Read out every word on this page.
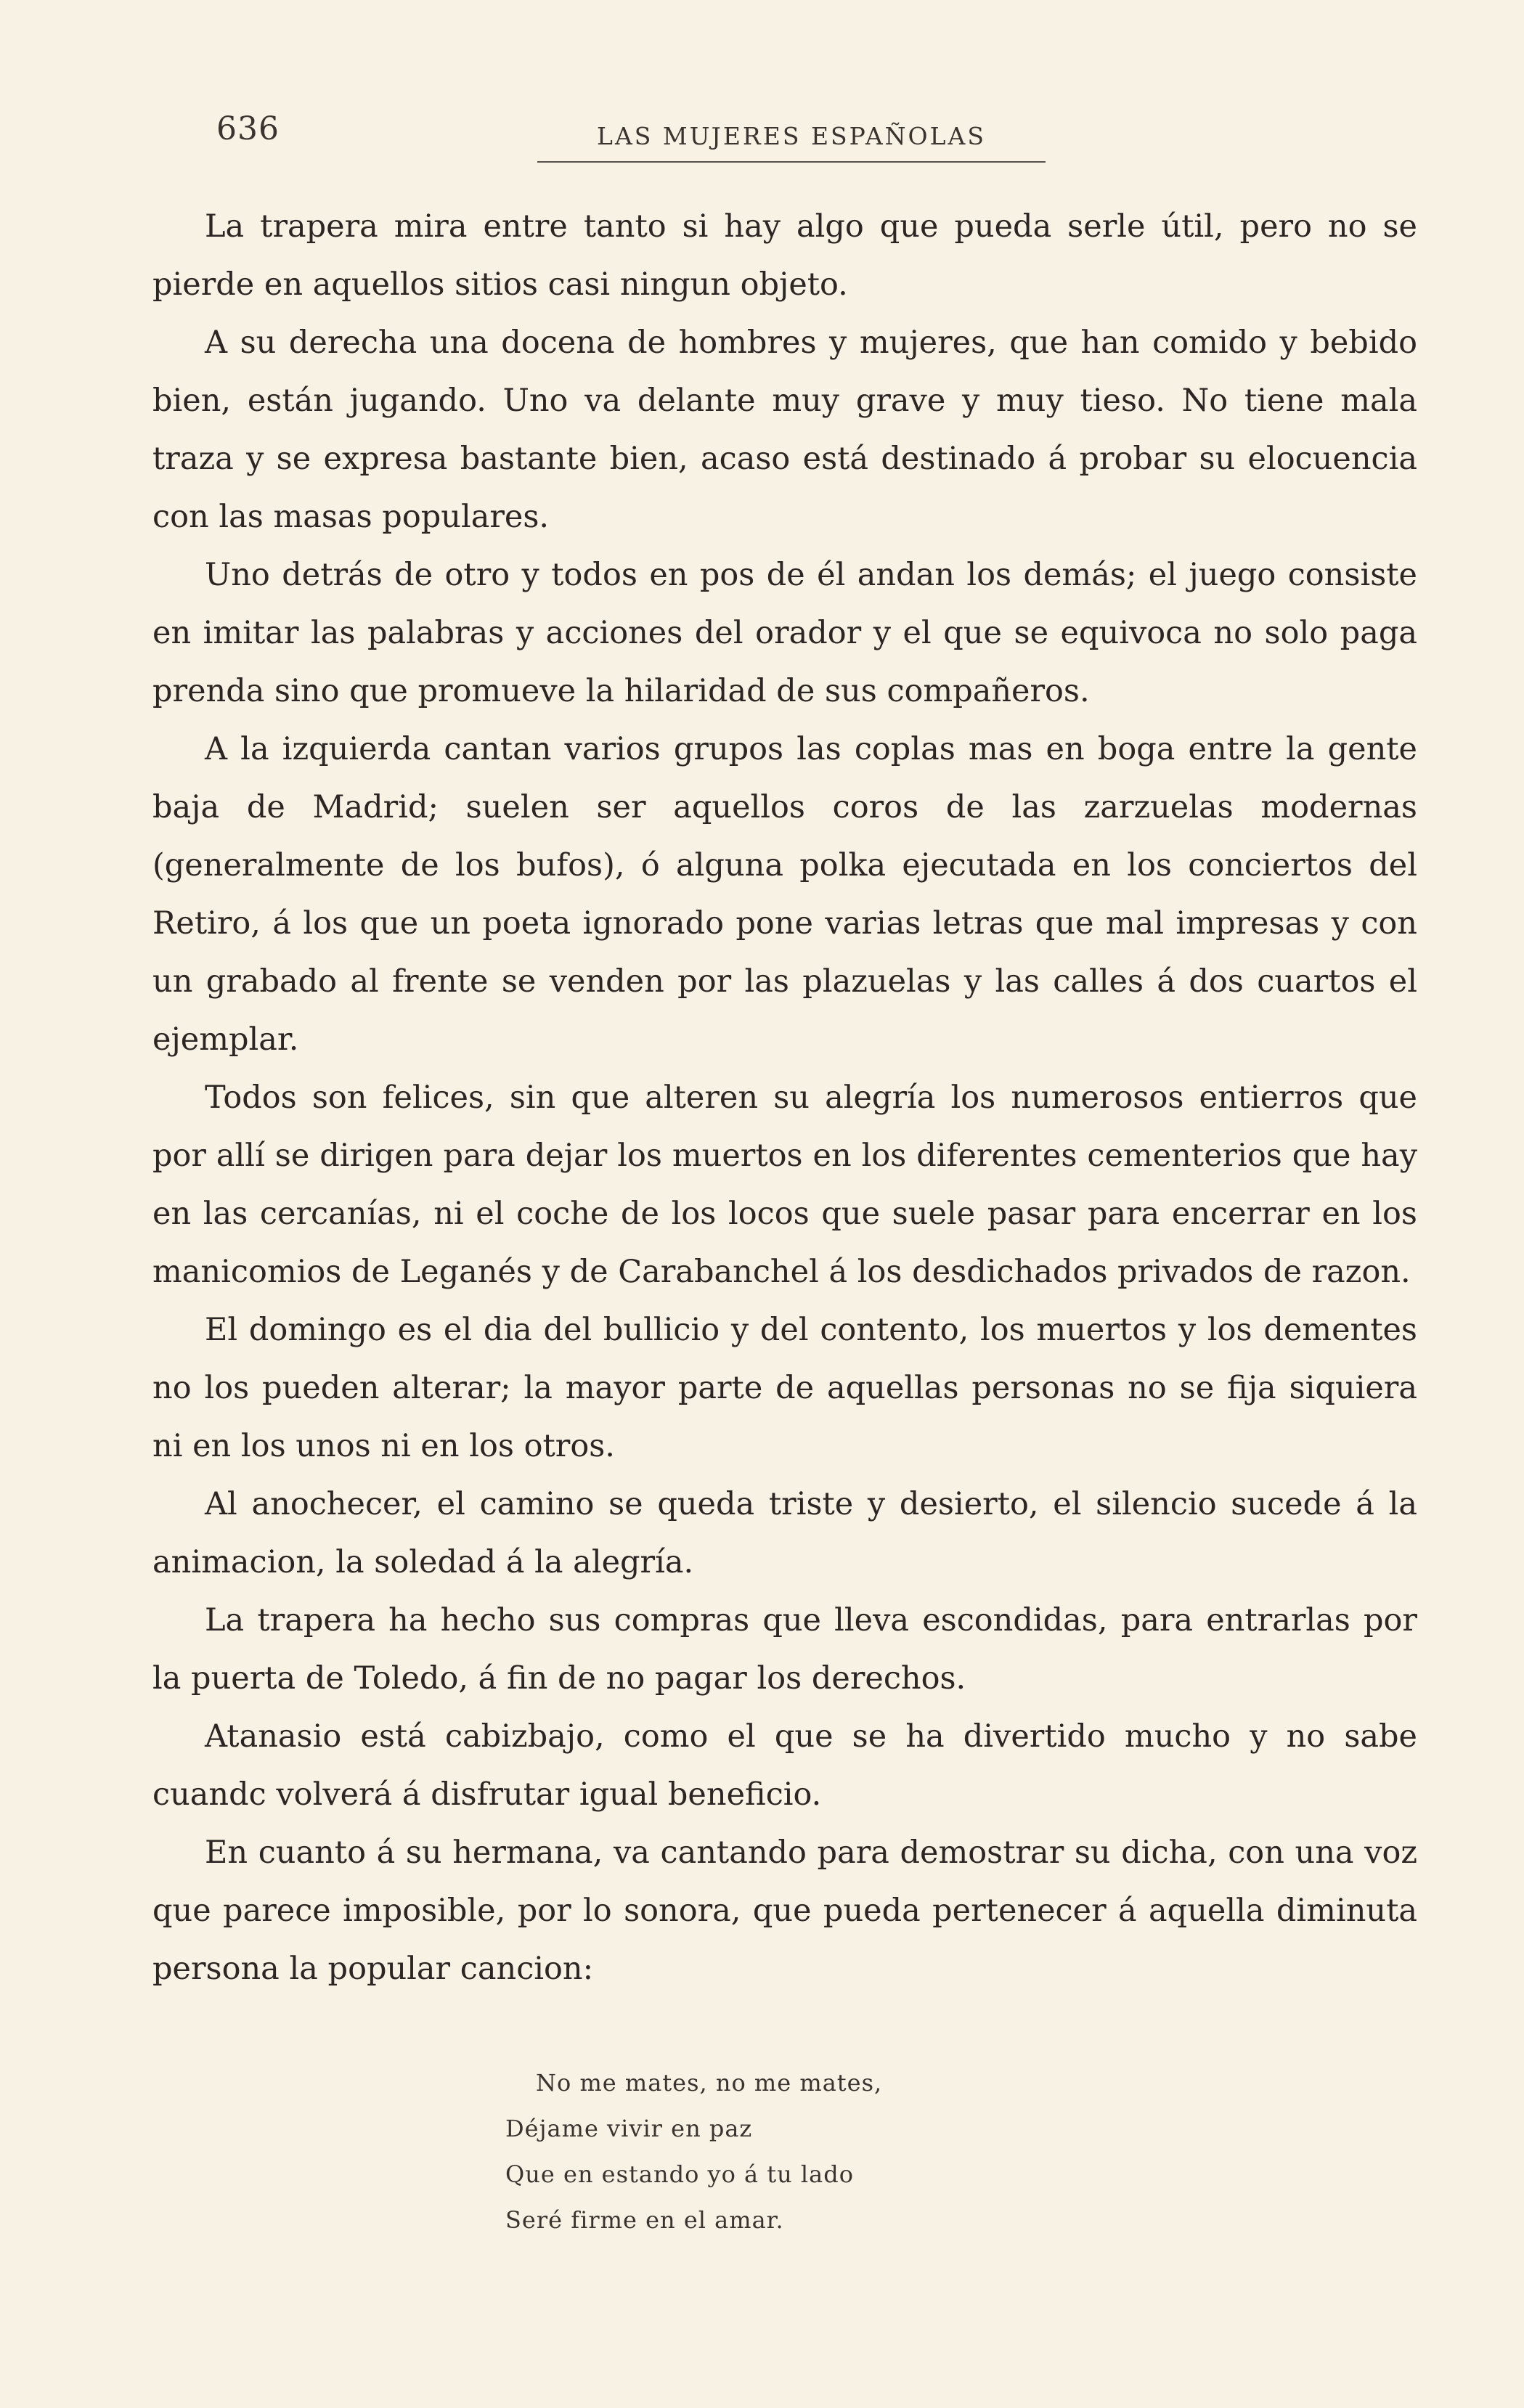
636	LAS MUJERES ESPAÑOLAS

La trapera mira entre tanto si hay algo que pueda serle útil, pero no se pierde en aquellos sitios casi ningun objeto.

A su derecha una docena de hombres y mujeres, que han comido y bebido bien, están jugando. Uno va delante muy grave y muy tieso. No tiene mala traza y se expresa bastante bien, acaso está destinado á probar su elocuencia con las masas populares.

Uno detrás de otro y todos en pos de él andan los demás; el juego consiste en imitar las palabras y acciones del orador y el que se equivoca no solo paga prenda sino que promueve la hilaridad de sus compañeros.

A la izquierda cantan varios grupos las coplas mas en boga entre la gente baja de Madrid; suelen ser aquellos coros de las zarzuelas modernas (generalmente de los bufos), ó alguna polka ejecutada en los conciertos del Retiro, á los que un poeta ignorado pone varias letras que mal impresas y con un grabado al frente se venden por las plazuelas y las calles á dos cuartos el ejemplar.

Todos son felices, sin que alteren su alegría los numerosos entierros que por allí se dirigen para dejar los muertos en los diferentes cementerios que hay en las cercanías, ni el coche de los locos que suele pasar para encerrar en los manicomios de Leganés y de Carabanchel á los desdichados privados de razon.

El domingo es el dia del bullicio y del contento, los muertos y los dementes no los pueden alterar; la mayor parte de aquellas personas no se fija siquiera ni en los unos ni en los otros.

Al anochecer, el camino se queda triste y desierto, el silencio sucede á la animacion, la soledad á la alegría.

La trapera ha hecho sus compras que lleva escondidas, para entrarlas por la puerta de Toledo, á fin de no pagar los derechos.

Atanasio está cabizbajo, como el que se ha divertido mucho y no sabe cuandc volverá á disfrutar igual beneficio.

En cuanto á su hermana, va cantando para demostrar su dicha, con una voz que parece imposible, por lo sonora, que pueda pertenecer á aquella diminuta persona la popular cancion:

No me mates, no me mates,
Déjame vivir en paz
Que en estando yo á tu lado
Seré firme en el amar.
